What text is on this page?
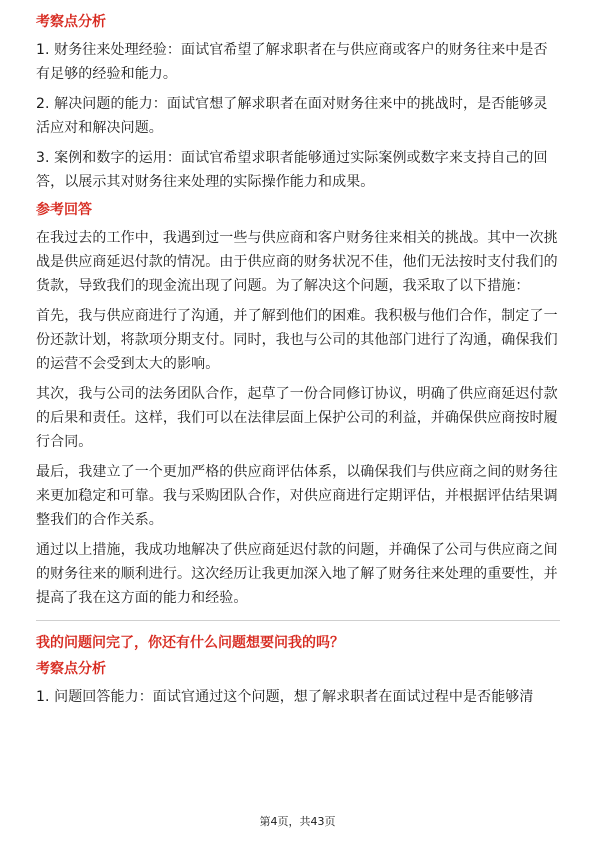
考察点分析
1. 财务往来处理经验：面试官希望了解求职者在与供应商或客户的财务往来中是否有足够的经验和能力。
2. 解决问题的能力：面试官想了解求职者在面对财务往来中的挑战时，是否能够灵活应对和解决问题。
3. 案例和数字的运用：面试官希望求职者能够通过实际案例或数字来支持自己的回答，以展示其对财务往来处理的实际操作能力和成果。
参考回答
在我过去的工作中，我遇到过一些与供应商和客户财务往来相关的挑战。其中一次挑战是供应商延迟付款的情况。由于供应商的财务状况不佳，他们无法按时支付我们的货款，导致我们的现金流出现了问题。为了解决这个问题，我采取了以下措施：
首先，我与供应商进行了沟通，并了解到他们的困难。我积极与他们合作，制定了一份还款计划，将款项分期支付。同时，我也与公司的其他部门进行了沟通，确保我们的运营不会受到太大的影响。
其次，我与公司的法务团队合作，起草了一份合同修订协议，明确了供应商延迟付款的后果和责任。这样，我们可以在法律层面上保护公司的利益，并确保供应商按时履行合同。
最后，我建立了一个更加严格的供应商评估体系，以确保我们与供应商之间的财务往来更加稳定和可靠。我与采购团队合作，对供应商进行定期评估，并根据评估结果调整我们的合作关系。
通过以上措施，我成功地解决了供应商延迟付款的问题，并确保了公司与供应商之间的财务往来的顺利进行。这次经历让我更加深入地了解了财务往来处理的重要性，并提高了我在这方面的能力和经验。
我的问题问完了，你还有什么问题想要问我的吗？
考察点分析
1. 问题回答能力：面试官通过这个问题，想了解求职者在面试过程中是否能够清
第4页，共43页
